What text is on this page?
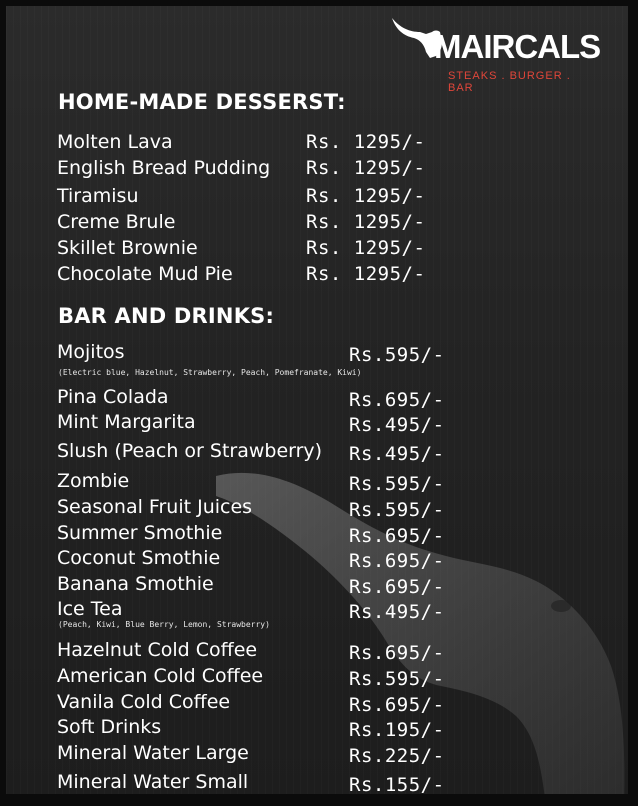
MAIRCALS
STEAKS . BURGER . BAR
HOME-MADE DESSERST:
Molten Lava	Rs. 1295/-
English Bread Pudding Rs. 1295/-
Tiramisu	Rs. 1295/-
Creme Brule	Rs. 1295/-
Skillet Brownie	Rs. 1295/-
Chocolate Mud Pie	Rs. 1295/-
BAR AND DRINKS:
Mojitos	Rs.595/-
(Electric blue, Hazelnut, Strawberry, Peach, Pomefranate, Kiwi)
Pina Colada	Rs.695/-
Mint Margarita	Rs.495/-
Slush (Peach or Strawberry) Rs.495/-
Zombie	Rs.595/-
Seasonal Fruit Juices	Rs.595/-
Summer Smothie	Rs.695/-
Coconut Smothie	Rs.695/-
Banana Smothie	Rs.695/-
Ice Tea	Rs.495/-
(Peach, Kiwi, Blue Berry, Lemon, Strawberry)
Hazelnut Cold Coffee	Rs.695/-
American Cold Coffee	Rs.595/-
Vanila Cold Coffee	Rs.695/-
Soft Drinks	Rs.195/-
Mineral Water Large	Rs.225/-
Mineral Water Small	Rs.155/-
